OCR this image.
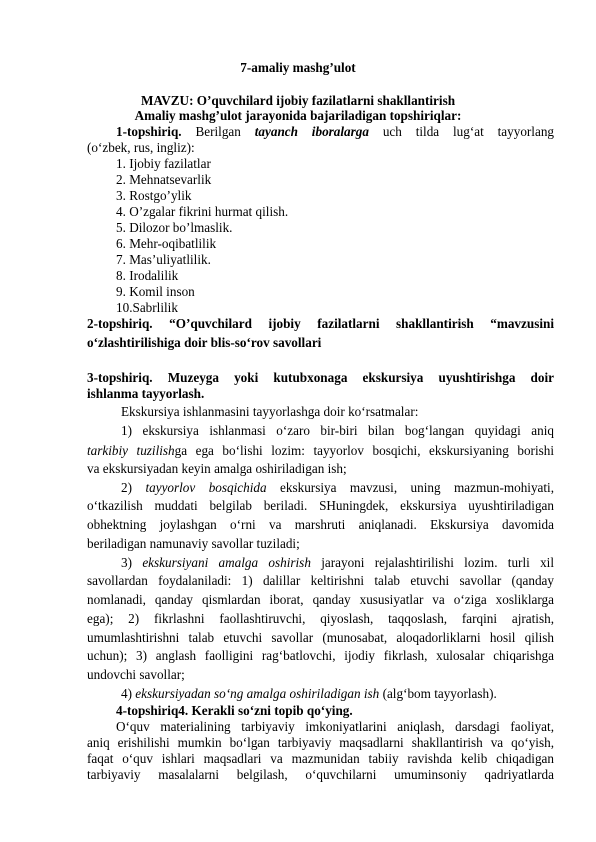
7-amaliy mashg’ulot
MAVZU: O’quvchilard ijobiy fazilatlarni shakllantirish
Amaliy mashg’ulot jarayonida bajariladigan topshiriqlar:
1-topshiriq. Berilgan tayanch iboralarga uch tilda lug‘at tayyorlang
(o‘zbek, rus, ingliz):
1. Ijobiy fazilatlar
2. Mehnatsevarlik
3. Rostgo’ylik
4. O’zgalar fikrini hurmat qilish.
5. Dilozor bo’lmaslik.
6. Mehr-oqibatlilik
7. Mas’uliyatlilik.
8. Irodalilik
9. Komil inson
10.Sabrlilik
2-topshiriq. “O’quvchilard ijobiy fazilatlarni shakllantirish “mavzusini
o‘zlashtirilishiga doir blis-so‘rov savollari
3-topshiriq. Muzeyga yoki kutubxonaga ekskursiya uyushtirishga doir
ishlanma tayyorlash.
Ekskursiya ishlanmasini tayyorlashga doir ko‘rsatmalar:
1) ekskursiya ishlanmasi o‘zaro bir-biri bilan bog‘langan quyidagi aniq
tarkibiy tuzilishga ega bo‘lishi lozim: tayyorlov bosqichi, ekskursiyaning borishi
va ekskursiyadan keyin amalga oshiriladigan ish;
2) tayyorlov bosqichida ekskursiya mavzusi, uning mazmun-mohiyati,
o‘tkazilish muddati belgilab beriladi. SHuningdek, ekskursiya uyushtiriladigan
obhektning joylashgan o‘rni va marshruti aniqlanadi. Ekskursiya davomida
beriladigan namunaviy savollar tuziladi;
3) ekskursiyani amalga oshirish jarayoni rejalashtirilishi lozim. turli xil
savollardan foydalaniladi: 1) dalillar keltirishni talab etuvchi savollar (qanday
nomlanadi, qanday qismlardan iborat, qanday xususiyatlar va o‘ziga xosliklarga
ega); 2) fikrlashni faollashtiruvchi, qiyoslash, taqqoslash, farqini ajratish,
umumlashtirishni talab etuvchi savollar (munosabat, aloqadorliklarni hosil qilish
uchun); 3) anglash faolligini rag‘batlovchi, ijodiy fikrlash, xulosalar chiqarishga
undovchi savollar;
4) ekskursiyadan so‘ng amalga oshiriladigan ish (alg‘bom tayyorlash).
4-topshiriq4. Kerakli so‘zni topib qo‘ying.
O‘quv materialining tarbiyaviy imkoniyatlarini aniqlash, darsdagi faoliyat,
aniq erishilishi mumkin bo‘lgan tarbiyaviy maqsadlarni shakllantirish va qo‘yish,
faqat o‘quv ishlari maqsadlari va mazmunidan tabiiy ravishda kelib chiqadigan
tarbiyaviy masalalarni belgilash, o‘quvchilarni umuminsoniy qadriyatlarda
